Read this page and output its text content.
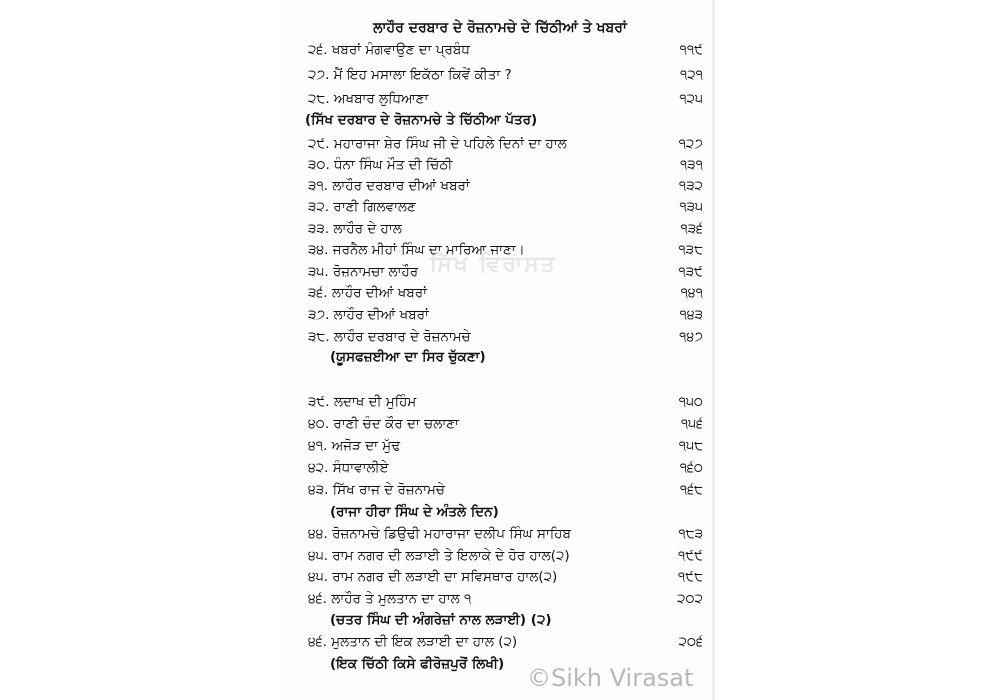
ਸਿੱਖ ਵਿਰਾਸਤ
ਲਾਹੌਰ ਦਰਬਾਰ ਦੇ ਰੋਜ਼ਨਾਮਚੇ ਦੇ ਚਿੱਠੀਆਂ ਤੇ ਖਬਰਾਂ
੨੬. ਖਬਰਾਂ ਮੰਗਵਾਉਣ ਦਾ ਪ੍ਰਬੰਧ	੧੧੯
੨੭. ਮੈਂ ਇਹ ਮਸਾਲਾ ਇਕੱਠਾ ਕਿਵੇਂ ਕੀਤਾ ?	੧੨੧
੨੮. ਅਖਬਾਰ ਲੁਧਿਆਣਾ	੧੨੫
(ਸਿੱਖ ਦਰਬਾਰ ਦੇ ਰੋਜ਼ਨਾਮਚੇ ਤੇ ਚਿੱਠੀਆ ਪੱਤਰ)
੨੯. ਮਹਾਰਾਜਾ ਸ਼ੇਰ ਸਿੰਘ ਜੀ ਦੇ ਪਹਿਲੇ ਦਿਨਾਂ ਦਾ ਹਾਲ	੧੨੭
੩੦. ਧੰਨਾ ਸਿੰਘ ਮੌਤ ਦੀ ਚਿੱਠੀ	੧੩੧
੩੧. ਲਾਹੌਰ ਦਰਬਾਰ ਦੀਆਂ ਖਬਰਾਂ	੧੩੨
੩੨. ਰਾਣੀ ਗਿਲਵਾਲਣ	੧੩੫
੩੩. ਲਾਹੌਰ ਦੇ ਹਾਲ	੧੩੬
੩੪. ਜਰਨੈਲ ਮੀਹਾਂ ਸਿੰਘ ਦਾ ਮਾਰਿਆ ਜਾਣਾ।	੧੩੮
੩੫. ਰੋਜ਼ਨਾਮਚਾ ਲਾਹੌਰ	੧੩੯
੩੬. ਲਾਹੌਰ ਦੀਆਂ ਖਬਰਾਂ	੧੪੧
੩੭. ਲਾਹੌਰ ਦੀਆਂ ਖਬਰਾਂ	੧੪੩
੩੮. ਲਾਹੌਰ ਦਰਬਾਰ ਦੇ ਰੋਜ਼ਨਾਮਚੇ	੧੪੭
(ਯੂਸਫਜ਼ਈਆ ਦਾ ਸਿਰ ਚੁੱਕਣਾ)
੩੯. ਲਦਾਖ ਦੀ ਮੁਹਿੰਮ	੧੫੦
੪੦. ਰਾਣੀ ਚੰਦ ਕੌਰ ਦਾ ਚਲਾਣਾ	੧੫੬
੪੧. ਅਜੋੜ ਦਾ ਮੁੱਢ	੧੫੮
੪੨. ਸੰਧਾਵਾਲੀਏ	੧੬੦
੪੩. ਸਿੱਖ ਰਾਜ ਦੇ ਰੋਜ਼ਨਾਮਚੇ	੧੬੮
(ਰਾਜਾ ਹੀਰਾ ਸਿੰਘ ਦੇ ਅੰਤਲੇ ਦਿਨ)
੪੪. ਰੋਜ਼ਨਾਮਚੇ ਡਿਉਢੀ ਮਹਾਰਾਜਾ ਦਲੀਪ ਸਿੰਘ ਸਾਹਿਬ	੧੮੩
੪੫. ਰਾਮ ਨਗਰ ਦੀ ਲੜਾਈ ਤੇ ਇਲਾਕੇ ਦੇ ਹੋਰ ਹਾਲ(੨)	੧੯੯
੪੫. ਰਾਮ ਨਗਰ ਦੀ ਲੜਾਈ ਦਾ ਸਵਿਸਥਾਰ ਹਾਲ(੨)	੧੯੮
੪੬. ਲਾਹੌਰ ਤੇ ਮੁਲਤਾਨ ਦਾ ਹਾਲ ੧	੨੦੨
(ਚਤਰ ਸਿੰਘ ਦੀ ਅੰਗਰੇਜ਼ਾਂ ਨਾਲ ਲੜਾਈ) (੨)
੪੬. ਮੁਲਤਾਨ ਦੀ ਇਕ ਲੜਾਈ ਦਾ ਹਾਲ (੨)	੨੦੬
(ਇਕ ਚਿੱਠੀ ਕਿਸੇ ਫੀਰੋਜ਼ਪੁਰੋਂ ਲਿਖੀ) ©Sikh Virasat
